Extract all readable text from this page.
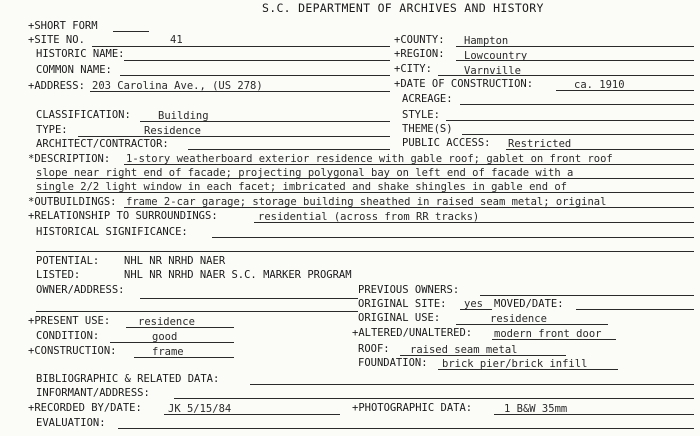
S.C. DEPARTMENT OF ARCHIVES AND HISTORY
+SHORT FORM
+SITE NO.	41	+COUNTY: Hampton
HISTORIC NAME:	+REGION: Lowcountry
COMMON NAME:	+CITY:	Varnville
+ADDRESS: 203 Carolina Ave., (US 278)	+DATE OF CONSTRUCTION:	ca. 1910
ACREAGE:
CLASSIFICATION:	Building	STYLE:
TYPE:	Residence	THEME(S)
ARCHITECT/CONTRACTOR:	PUBLIC ACCESS: Restricted
*DESCRIPTION: 1-story weatherboard exterior residence with gable roof; gablet on front roof
slope near right end of facade; projecting polygonal bay on left end of facade with a
single 2/2 light window in each facet; imbricated and shake shingles in gable end of
*OUTBUILDINGS: frame 2-car garage; storage building sheathed in raised seam metal; original
+RELATIONSHIP TO SURROUNDINGS:	residential (across from RR tracks)
HISTORICAL SIGNIFICANCE:
POTENTIAL: NHL NR NRHD NAER
LISTED:	NHL NR NRHD NAER S.C. MARKER PROGRAM
OWNER/ADDRESS:	PREVIOUS OWNERS:
ORIGINAL SITE: yes MOVED/DATE:
+PRESENT USE:	residence	ORIGINAL USE:	residence
CONDITION:	good	+ALTERED/UNALTERED: modern front door
+CONSTRUCTION:	frame	ROOF: raised seam metal
FOUNDATION: brick pier/brick infill
BIBLIOGRAPHIC & RELATED DATA:
INFORMANT/ADDRESS:
+RECORDED BY/DATE: JK 5/15/84	+PHOTOGRAPHIC DATA:	1 B&W 35mm
EVALUATION:
